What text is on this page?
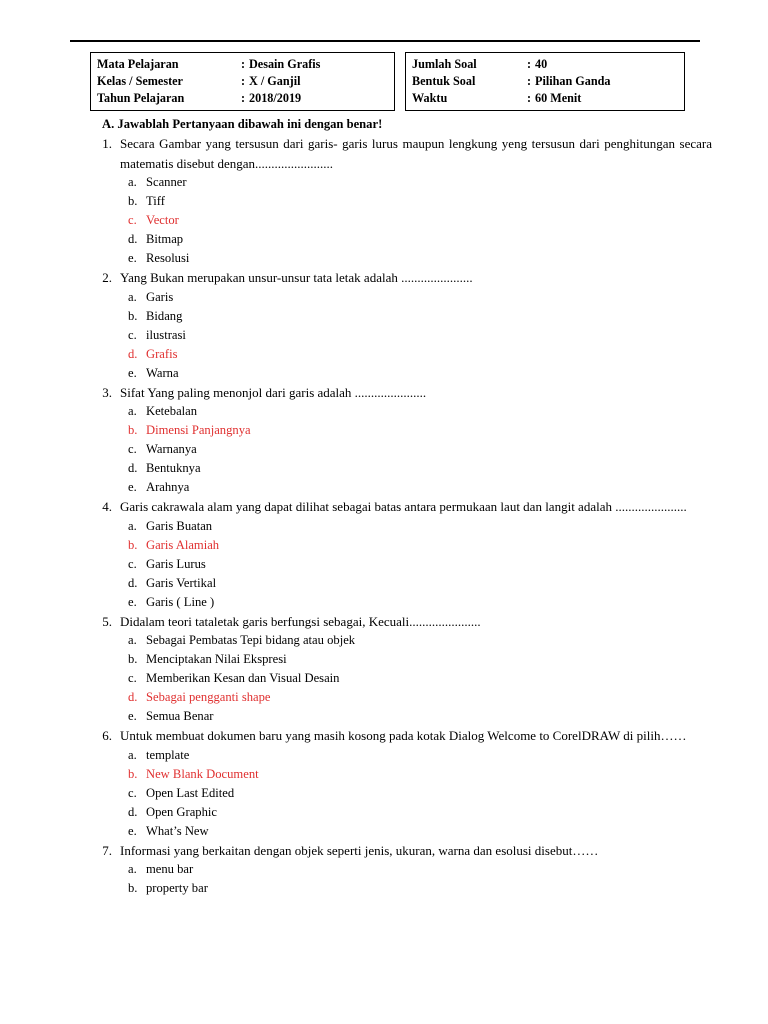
Mata Pelajaran	: Desain Grafis
Kelas / Semester	: X / Ganjil
Tahun Pelajaran	: 2018/2019
Jumlah Soal	: 40
Bentuk Soal	: Pilihan Ganda
Waktu	: 60 Menit
A. Jawablah Pertanyaan dibawah ini dengan benar!
1. Secara Gambar yang tersusun dari garis- garis lurus maupun lengkung yeng tersusun dari penghitungan secara matematis disebut dengan........................
a. Scanner
b. Tiff
c. Vector
d. Bitmap
e. Resolusi
2. Yang Bukan merupakan unsur-unsur tata letak adalah ......................
a. Garis
b. Bidang
c. ilustrasi
d. Grafis
e. Warna
3. Sifat Yang paling menonjol dari garis adalah ......................
a. Ketebalan
b. Dimensi Panjangnya
c. Warnanya
d. Bentuknya
e. Arahnya
4. Garis cakrawala alam yang dapat dilihat sebagai batas antara permukaan laut dan langit adalah ......................
a. Garis Buatan
b. Garis Alamiah
c. Garis Lurus
d. Garis Vertikal
e. Garis ( Line )
5. Didalam teori tataletak garis berfungsi sebagai, Kecuali......................
a. Sebagai Pembatas Tepi bidang atau objek
b. Menciptakan Nilai Ekspresi
c. Memberikan Kesan dan Visual Desain
d. Sebagai pengganti shape
e. Semua Benar
6. Untuk membuat dokumen baru yang masih kosong pada kotak Dialog Welcome to CorelDRAW di pilih……
a. template
b. New Blank Document
c. Open Last Edited
d. Open Graphic
e. What’s New
7. Informasi yang berkaitan dengan objek seperti jenis, ukuran, warna dan esolusi disebut……
a. menu bar
b. property bar
